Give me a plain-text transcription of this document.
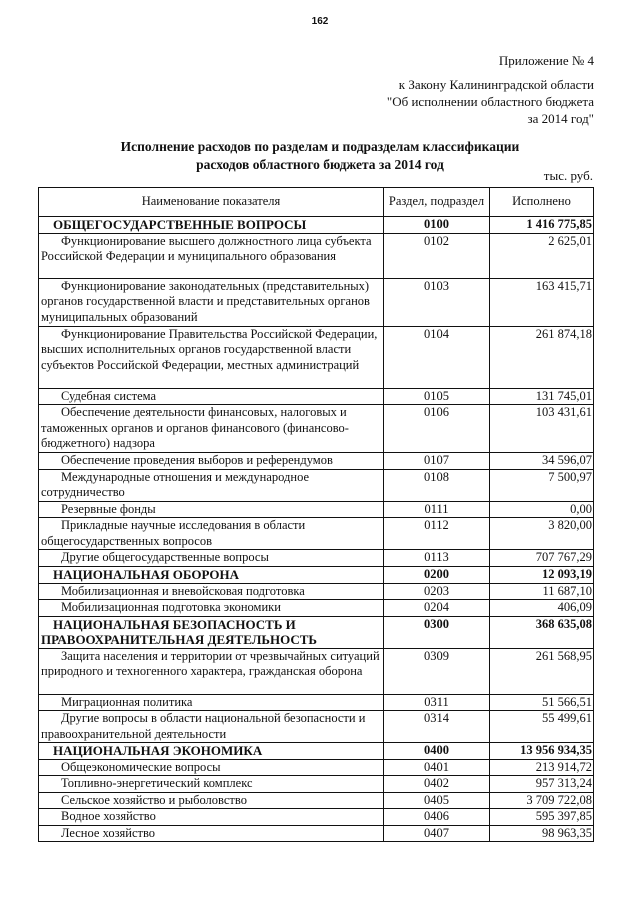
162
Приложение № 4
к Закону Калининградской области
"Об исполнении областного бюджета
за 2014 год"
Исполнение расходов по разделам и подразделам классификации
расходов областного бюджета за 2014 год
тыс. руб.
Наименование показателя	Раздел, подраздел	Исполнено
ОБЩЕГОСУДАРСТВЕННЫЕ ВОПРОСЫ	0100	1 416 775,85
Функционирование высшего должностного лица субъекта Российской Федерации и муниципального образования	0102	2 625,01
Функционирование законодательных (представительных) органов государственной власти и представительных органов муниципальных образований	0103	163 415,71
Функционирование Правительства Российской Федерации, высших исполнительных органов государственной власти субъектов Российской Федерации, местных администраций	0104	261 874,18
Судебная система	0105	131 745,01
Обеспечение деятельности финансовых, налоговых и таможенных органов и органов финансового (финансово-бюджетного) надзора	0106	103 431,61
Обеспечение проведения выборов и референдумов	0107	34 596,07
Международные отношения и международное сотрудничество	0108	7 500,97
Резервные фонды	0111	0,00
Прикладные научные исследования в области общегосударственных вопросов	0112	3 820,00
Другие общегосударственные вопросы	0113	707 767,29
НАЦИОНАЛЬНАЯ ОБОРОНА	0200	12 093,19
Мобилизационная и вневойсковая подготовка	0203	11 687,10
Мобилизационная подготовка экономики	0204	406,09
НАЦИОНАЛЬНАЯ БЕЗОПАСНОСТЬ И ПРАВООХРАНИТЕЛЬНАЯ ДЕЯТЕЛЬНОСТЬ	0300	368 635,08
Защита населения и территории от чрезвычайных ситуаций природного и техногенного характера, гражданская оборона	0309	261 568,95
Миграционная политика	0311	51 566,51
Другие вопросы в области национальной безопасности и правоохранительной деятельности	0314	55 499,61
НАЦИОНАЛЬНАЯ ЭКОНОМИКА	0400	13 956 934,35
Общеэкономические вопросы	0401	213 914,72
Топливно-энергетический комплекс	0402	957 313,24
Сельское хозяйство и рыболовство	0405	3 709 722,08
Водное хозяйство	0406	595 397,85
Лесное хозяйство	0407	98 963,35
